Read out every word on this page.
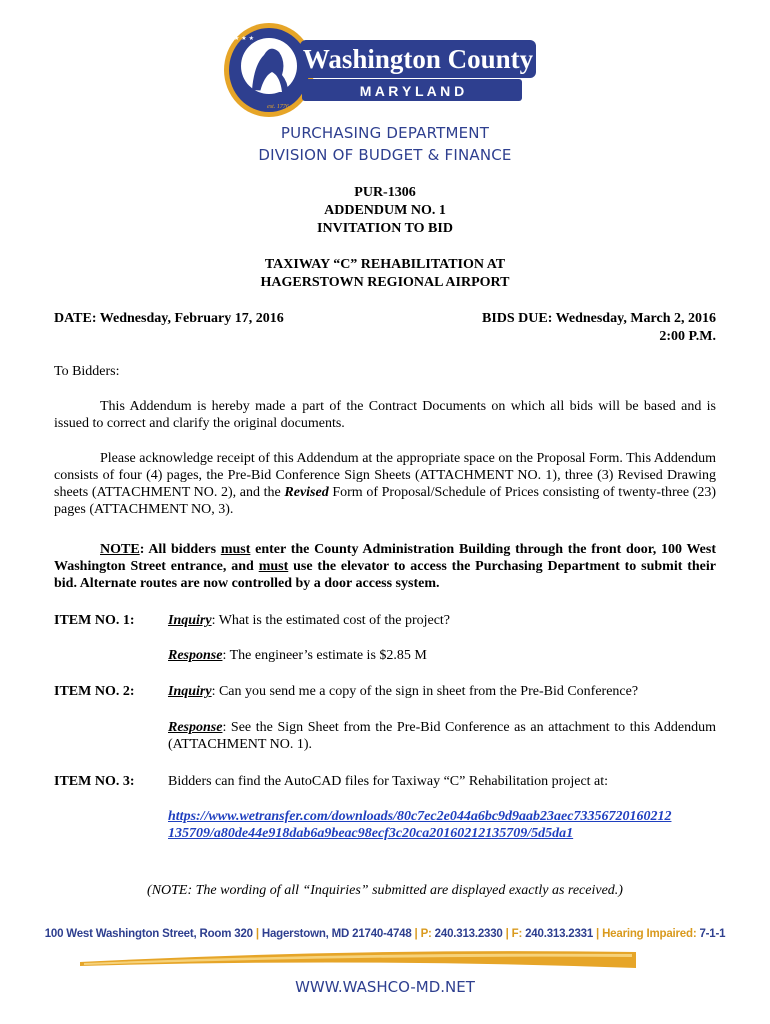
★ ★ ★
Washington County
M A R Y L A N D
est. 1776
PURCHASING DEPARTMENT
DIVISION OF BUDGET & FINANCE
PUR-1306
ADDENDUM NO. 1
INVITATION TO BID
TAXIWAY “C” REHABILITATION AT
HAGERSTOWN REGIONAL AIRPORT
DATE: Wednesday, February 17, 2016	BIDS DUE: Wednesday, March 2, 2016
2:00 P.M.
To Bidders:
This Addendum is hereby made a part of the Contract Documents on which all bids will be based and is issued to correct and clarify the original documents.
Please acknowledge receipt of this Addendum at the appropriate space on the Proposal Form. This Addendum consists of four (4) pages, the Pre-Bid Conference Sign Sheets (ATTACHMENT NO. 1), three (3) Revised Drawing sheets (ATTACHMENT NO. 2), and the Revised Form of Proposal/Schedule of Prices consisting of twenty-three (23) pages (ATTACHMENT NO, 3).
NOTE: All bidders must enter the County Administration Building through the front door, 100 West Washington Street entrance, and must use the elevator to access the Purchasing Department to submit their bid. Alternate routes are now controlled by a door access system.
ITEM NO. 1: Inquiry: What is the estimated cost of the project?
Response: The engineer’s estimate is $2.85 M
ITEM NO. 2: Inquiry: Can you send me a copy of the sign in sheet from the Pre-Bid Conference?
Response: See the Sign Sheet from the Pre-Bid Conference as an attachment to this Addendum (ATTACHMENT NO. 1).
ITEM NO. 3: Bidders can find the AutoCAD files for Taxiway “C” Rehabilitation project at:
https://www.wetransfer.com/downloads/80c7ec2e044a6bc9d9aab23aec73356720160212
135709/a80de44e918dab6a9beac98ecf3c20ca20160212135709/5d5da1
(NOTE: The wording of all “Inquiries” submitted are displayed exactly as received.)
100 West Washington Street, Room 320 | Hagerstown, MD 21740-4748 | P: 240.313.2330 | F: 240.313.2331 | Hearing Impaired: 7-1-1
WWW.WASHCO-MD.NET
